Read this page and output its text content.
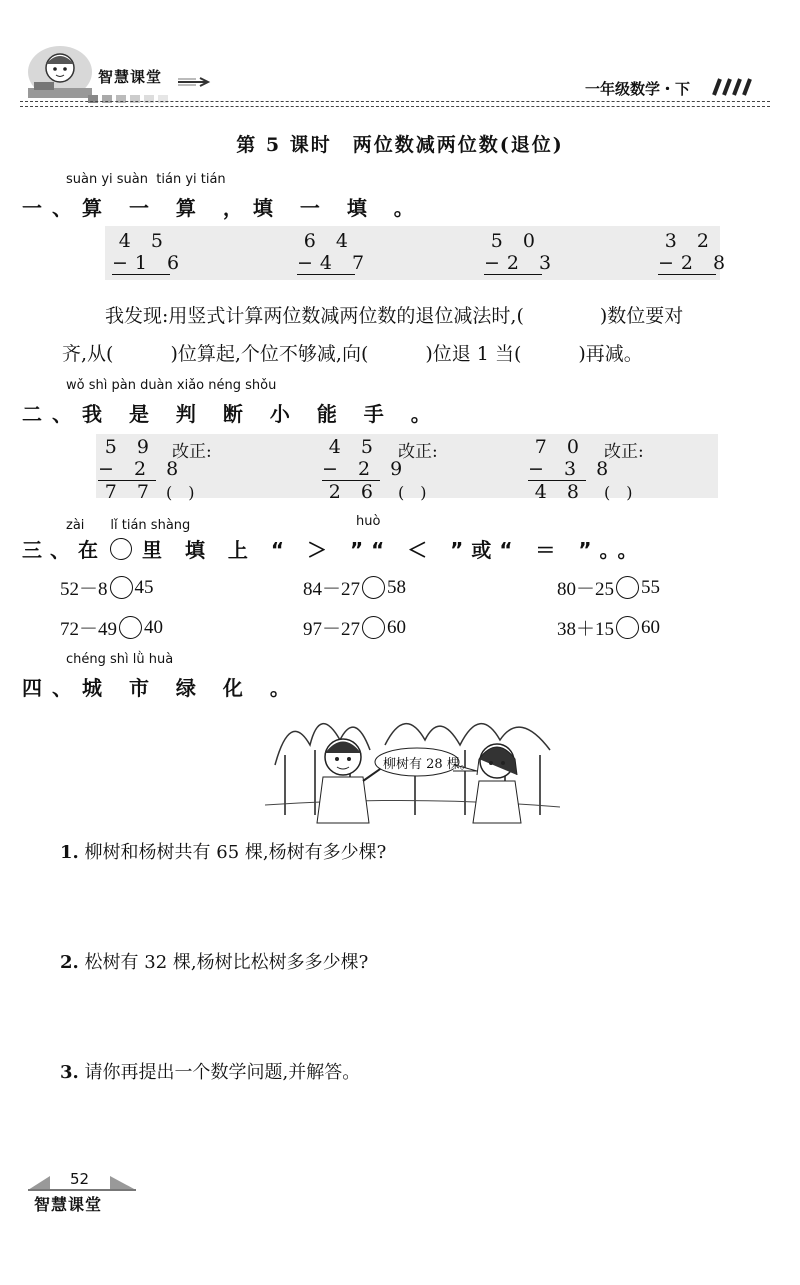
智慧课堂
一年级数学・下
第 5 课时　两位数减两位数(退位)
suàn yi suàn  tián yi tián
一、算 一 算 ，填 一 填 。
4 5
−1 6
6 4
−4 7
5 0
−2 3
3 2
−2 8
我发现:用竖式计算两位数减两位数的退位减法时,(　　　　)数位要对
齐,从(　　　)位算起,个位不够减,向(　　　)位退 1 当(　　　)再减。
wǒ shì pàn duàn xiǎo néng shǒu
二、我 是 判 断 小 能 手 。
5 9
− 2 8
7 7
改正:
(　)
4 5
− 2 9
2 6
改正:
(　)
7 0
− 3 8
4 8
改正:
(　)
zài　　lǐ tián shàng	huò
三、在 里 填 上 “ ＞ ”“ ＜ ”或“ ＝ ”。。
52－8 45	84－27 58	80－25 55
72－49 40	97－27 60	38＋15 60
chéng shì lǜ huà
四、城 市 绿 化 。
柳树有 28 棵。
1. 柳树和杨树共有 65 棵,杨树有多少棵?
2. 松树有 32 棵,杨树比松树多多少棵?
3. 请你再提出一个数学问题,并解答。
52
智慧课堂
